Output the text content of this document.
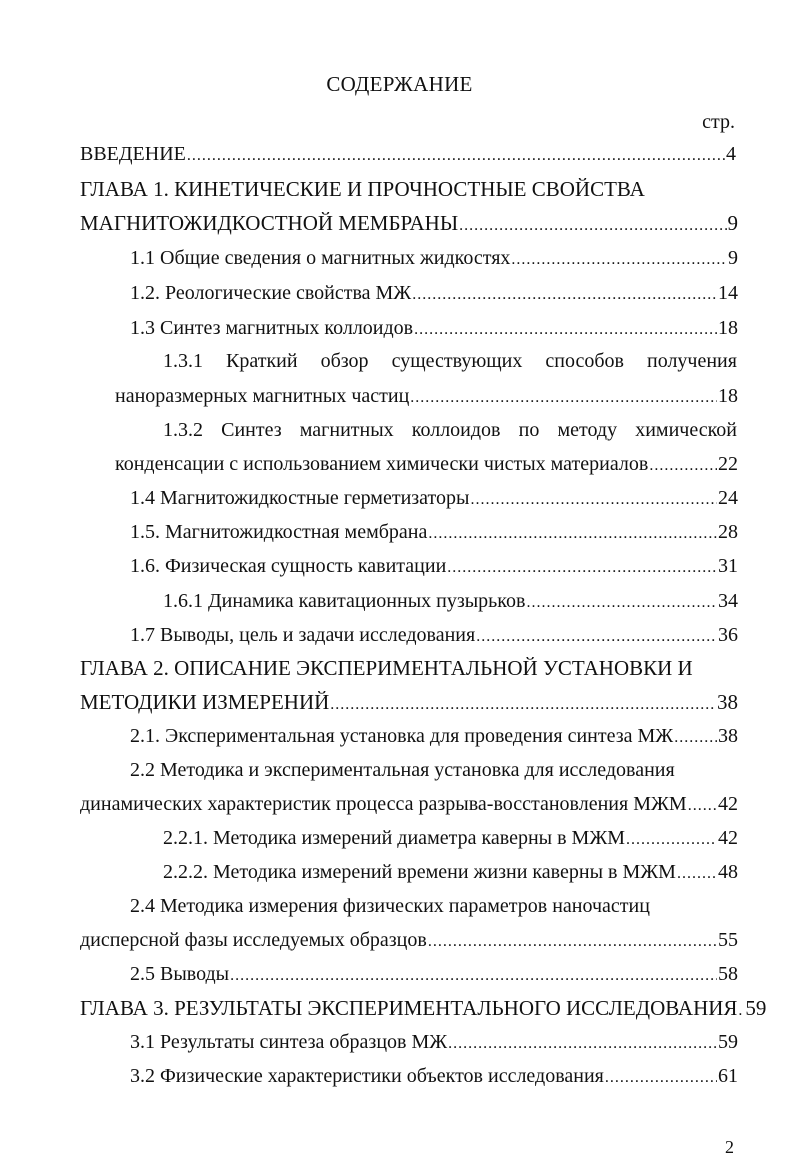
СОДЕРЖАНИЕ
стр.
ВВЕДЕНИЕ .....	4
ГЛАВА 1. КИНЕТИЧЕСКИЕ И ПРОЧНОСТНЫЕ СВОЙСТВА
МАГНИТОЖИДКОСТНОЙ МЕМБРАНЫ .....	9
1.1 Общие сведения о магнитных жидкостях .....	9
1.2. Реологические свойства МЖ .....	14
1.3 Синтез магнитных коллоидов .....	18
1.3.1 Краткий обзор существующих способов получения
наноразмерных магнитных частиц .....	18
1.3.2 Синтез магнитных коллоидов по методу химической
конденсации с использованием химически чистых материалов .....	22
1.4 Магнитожидкостные герметизаторы .....	24
1.5. Магнитожидкостная мембрана .....	28
1.6. Физическая сущность кавитации .....	31
1.6.1 Динамика кавитационных пузырьков .....	34
1.7 Выводы, цель и задачи исследования .....	36
ГЛАВА 2. ОПИСАНИЕ ЭКСПЕРИМЕНТАЛЬНОЙ УСТАНОВКИ И
МЕТОДИКИ ИЗМЕРЕНИЙ .....	38
2.1. Экспериментальная установка для проведения синтеза МЖ ..... 38
2.2 Методика и экспериментальная установка для исследования
динамических характеристик процесса разрыва-восстановления МЖМ ..... 42
2.2.1. Методика измерений диаметра каверны в МЖМ .....	42
2.2.2. Методика измерений времени жизни каверны в МЖМ ..... 48
2.4 Методика измерения физических параметров наночастиц
дисперсной фазы исследуемых образцов .....	55
2.5 Выводы .....	58
ГЛАВА 3. РЕЗУЛЬТАТЫ ЭКСПЕРИМЕНТАЛЬНОГО ИССЛЕДОВАНИЯ ..... 59
3.1 Результаты синтеза образцов МЖ .....	59
3.2 Физические характеристики объектов исследования .....	61
2
